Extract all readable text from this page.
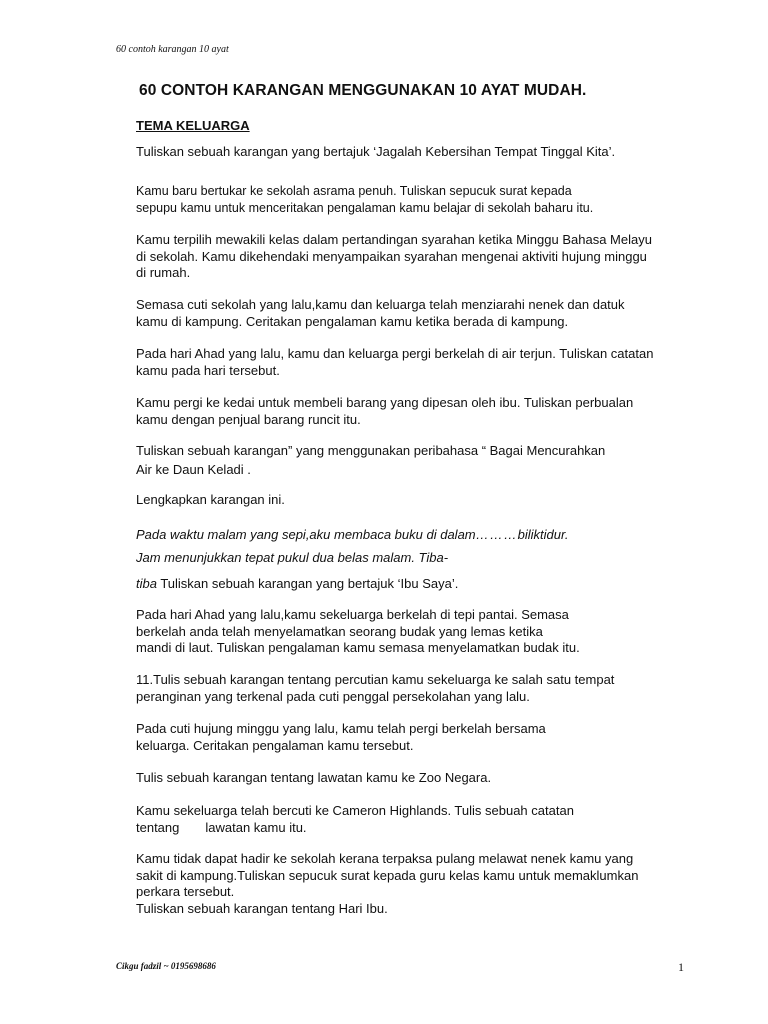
60 contoh karangan 10 ayat
60 CONTOH KARANGAN MENGGUNAKAN 10 AYAT MUDAH.
TEMA KELUARGA
Tuliskan sebuah karangan yang bertajuk ‘Jagalah Kebersihan Tempat Tinggal Kita’.
Kamu baru bertukar ke sekolah asrama penuh. Tuliskan sepucuk surat kepada
sepupu kamu untuk menceritakan pengalaman kamu belajar di sekolah baharu itu.
Kamu terpilih mewakili kelas dalam pertandingan syarahan ketika Minggu Bahasa Melayu
di sekolah. Kamu dikehendaki menyampaikan syarahan mengenai aktiviti hujung minggu
di rumah.
Semasa cuti sekolah yang lalu,kamu dan keluarga telah menziarahi nenek dan datuk
kamu di kampung. Ceritakan pengalaman kamu ketika berada di kampung.
Pada hari Ahad yang lalu, kamu dan keluarga pergi berkelah di air terjun. Tuliskan catatan
kamu pada hari tersebut.
Kamu pergi ke kedai untuk membeli barang yang dipesan oleh ibu. Tuliskan perbualan
kamu dengan penjual barang runcit itu.
Tuliskan sebuah karangan” yang menggunakan peribahasa “ Bagai Mencurahkan
Air ke Daun Keladi .
Lengkapkan karangan ini.
Pada waktu malam yang sepi,aku membaca buku di dalam………biliktidur.
Jam menunjukkan tepat pukul dua belas malam. Tiba-
tiba Tuliskan sebuah karangan yang bertajuk ‘Ibu Saya’.
Pada hari Ahad yang lalu,kamu sekeluarga berkelah di tepi pantai. Semasa
berkelah anda telah menyelamatkan seorang budak yang lemas ketika
mandi di laut. Tuliskan pengalaman kamu semasa menyelamatkan budak itu.
11.Tulis sebuah karangan tentang percutian kamu sekeluarga ke salah satu tempat
peranginan yang terkenal pada cuti penggal persekolahan yang lalu.
Pada cuti hujung minggu yang lalu, kamu telah pergi berkelah bersama
keluarga. Ceritakan pengalaman kamu tersebut.
Tulis sebuah karangan tentang lawatan kamu ke Zoo Negara.
Kamu sekeluarga telah bercuti ke Cameron Highlands. Tulis sebuah catatan
tentang lawatan kamu itu.
Kamu tidak dapat hadir ke sekolah kerana terpaksa pulang melawat nenek kamu yang
sakit di kampung.Tuliskan sepucuk surat kepada guru kelas kamu untuk memaklumkan
perkara tersebut.
Tuliskan sebuah karangan tentang Hari Ibu.
Cikgu fadzil ~ 0195698686	1
